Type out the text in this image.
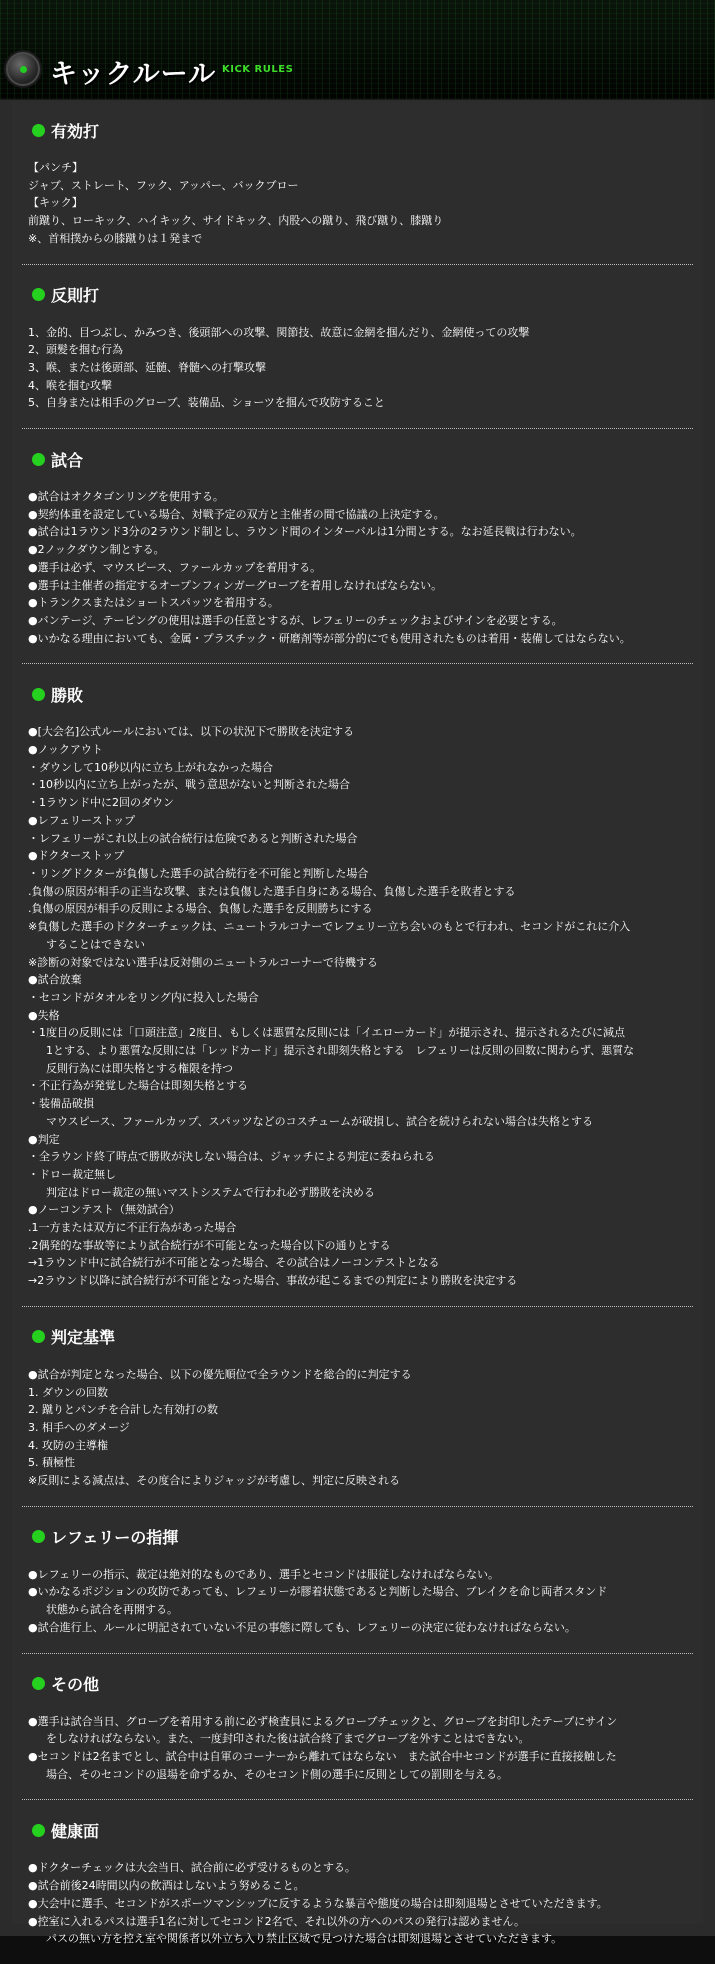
キックルール KICK RULES
有効打
【パンチ】
ジャブ、ストレート、フック、アッパー、バックブロー
【キック】
前蹴り、ローキック、ハイキック、サイドキック、内股への蹴り、飛び蹴り、膝蹴り
※、首相撲からの膝蹴りは１発まで
反則打
1、金的、目つぶし、かみつき、後頭部への攻撃、関節技、故意に金網を掴んだり、金網使っての攻撃
2、頭髪を掴む行為
3、喉、または後頭部、延髄、脊髄への打撃攻撃
4、喉を掴む攻撃
5、自身または相手のグローブ、装備品、ショーツを掴んで攻防すること
試合
●試合はオクタゴンリングを使用する。
●契約体重を設定している場合、対戦予定の双方と主催者の間で協議の上決定する。
●試合は1ラウンド3分の2ラウンド制とし、ラウンド間のインターバルは1分間とする。なお延長戦は行わない。
●2ノックダウン制とする。
●選手は必ず、マウスピース、ファールカップを着用する。
●選手は主催者の指定するオープンフィンガーグローブを着用しなければならない。
●トランクスまたはショートスパッツを着用する。
●バンテージ、テーピングの使用は選手の任意とするが、レフェリーのチェックおよびサインを必要とする。
●いかなる理由においても、金属・プラスチック・研磨剤等が部分的にでも使用されたものは着用・装備してはならない。
勝敗
●[大会名]公式ルールにおいては、以下の状況下で勝敗を決定する
●ノックアウト
・ダウンして10秒以内に立ち上がれなかった場合
・10秒以内に立ち上がったが、戦う意思がないと判断された場合
・1ラウンド中に2回のダウン
●レフェリーストップ
・レフェリーがこれ以上の試合続行は危険であると判断された場合
●ドクターストップ
・リングドクターが負傷した選手の試合続行を不可能と判断した場合
.負傷の原因が相手の正当な攻撃、または負傷した選手自身にある場合、負傷した選手を敗者とする
.負傷の原因が相手の反則による場合、負傷した選手を反則勝ちにする
※負傷した選手のドクターチェックは、ニュートラルコナーでレフェリー立ち会いのもとで行われ、セコンドがこれに介入
することはできない
※診断の対象ではない選手は反対側のニュートラルコーナーで待機する
●試合放棄
・セコンドがタオルをリング内に投入した場合
●失格
・1度目の反則には「口頭注意」2度目、もしくは悪質な反則には「イエローカード」が提示され、提示されるたびに減点
1とする、より悪質な反則には「レッドカード」提示され即刻失格とする　レフェリーは反則の回数に関わらず、悪質な
反則行為には即失格とする権限を持つ
・不正行為が発覚した場合は即刻失格とする
・装備品破損
マウスピース、ファールカップ、スパッツなどのコスチュームが破損し、試合を続けられない場合は失格とする
●判定
・全ラウンド終了時点で勝敗が決しない場合は、ジャッチによる判定に委ねられる
・ドロー裁定無し
判定はドロー裁定の無いマストシステムで行われ必ず勝敗を決める
●ノーコンテスト（無効試合）
.1一方または双方に不正行為があった場合
.2偶発的な事故等により試合続行が不可能となった場合以下の通りとする
→1ラウンド中に試合続行が不可能となった場合、その試合はノーコンテストとなる
→2ラウンド以降に試合続行が不可能となった場合、事故が起こるまでの判定により勝敗を決定する
判定基準
●試合が判定となった場合、以下の優先順位で全ラウンドを総合的に判定する
1. ダウンの回数
2. 蹴りとパンチを合計した有効打の数
3. 相手へのダメージ
4. 攻防の主導権
5. 積極性
※反則による減点は、その度合によりジャッジが考慮し、判定に反映される
レフェリーの指揮
●レフェリーの指示、裁定は絶対的なものであり、選手とセコンドは服従しなければならない。
●いかなるポジションの攻防であっても、レフェリーが膠着状態であると判断した場合、ブレイクを命じ両者スタンド
状態から試合を再開する。
●試合進行上、ルールに明記されていない不足の事態に際しても、レフェリーの決定に従わなければならない。
その他
●選手は試合当日、グローブを着用する前に必ず検査員によるグローブチェックと、グローブを封印したテープにサイン
をしなければならない。また、一度封印された後は試合終了までグローブを外すことはできない。
●セコンドは2名までとし、試合中は自軍のコーナーから離れてはならない　また試合中セコンドが選手に直接接触した
場合、そのセコンドの退場を命ずるか、そのセコンド側の選手に反則としての罰則を与える。
健康面
●ドクターチェックは大会当日、試合前に必ず受けるものとする。
●試合前後24時間以内の飲酒はしないよう努めること。
●大会中に選手、セコンドがスポーツマンシップに反するような暴言や態度の場合は即刻退場とさせていただきます。
●控室に入れるパスは選手1名に対してセコンド2名で、それ以外の方へのパスの発行は認めません。
パスの無い方を控え室や関係者以外立ち入り禁止区域で見つけた場合は即刻退場とさせていただきます。
